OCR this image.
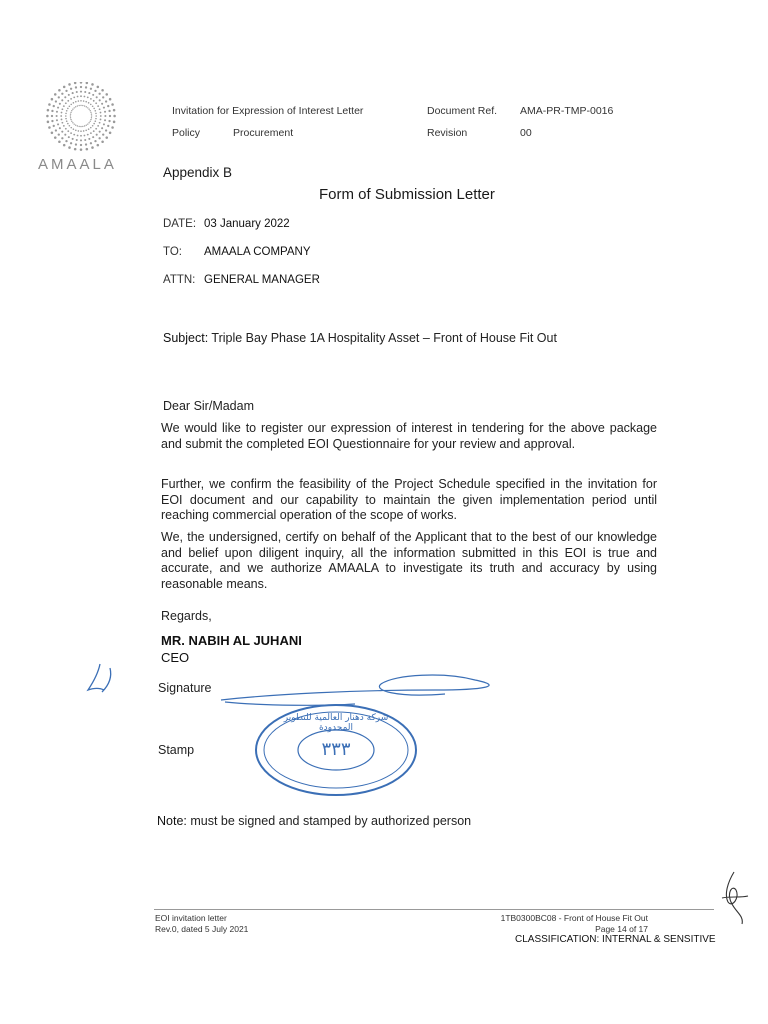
AMAALA
Invitation for Expression of Interest Letter	Document Ref. AMA-PR-TMP-0016
Policy	Procurement	Revision	00
Appendix B
Form of Submission Letter
DATE: 03 January 2022
TO: AMAALA COMPANY
ATTN: GENERAL MANAGER
Subject: Triple Bay Phase 1A Hospitality Asset – Front of House Fit Out
Dear Sir/Madam
We would like to register our expression of interest in tendering for the above package and submit the completed EOI Questionnaire for your review and approval.
Further, we confirm the feasibility of the Project Schedule specified in the invitation for EOI document and our capability to maintain the given implementation period until reaching commercial operation of the scope of works.
We, the undersigned, certify on behalf of the Applicant that to the best of our knowledge and belief upon diligent inquiry, all the information submitted in this EOI is true and accurate, and we authorize AMAALA to investigate its truth and accuracy by using reasonable means.
Regards,
MR. NABIH AL JUHANI
CEO
Signature
Stamp
شركة دهنار العالمية للتطوير المحدودة
٣٣٣
Note: must be signed and stamped by authorized person
EOI invitation letter
Rev.0, dated 5 July 2021
1TB0300BC08 - Front of House Fit Out
Page 14 of 17
CLASSIFICATION: INTERNAL & SENSITIVE
